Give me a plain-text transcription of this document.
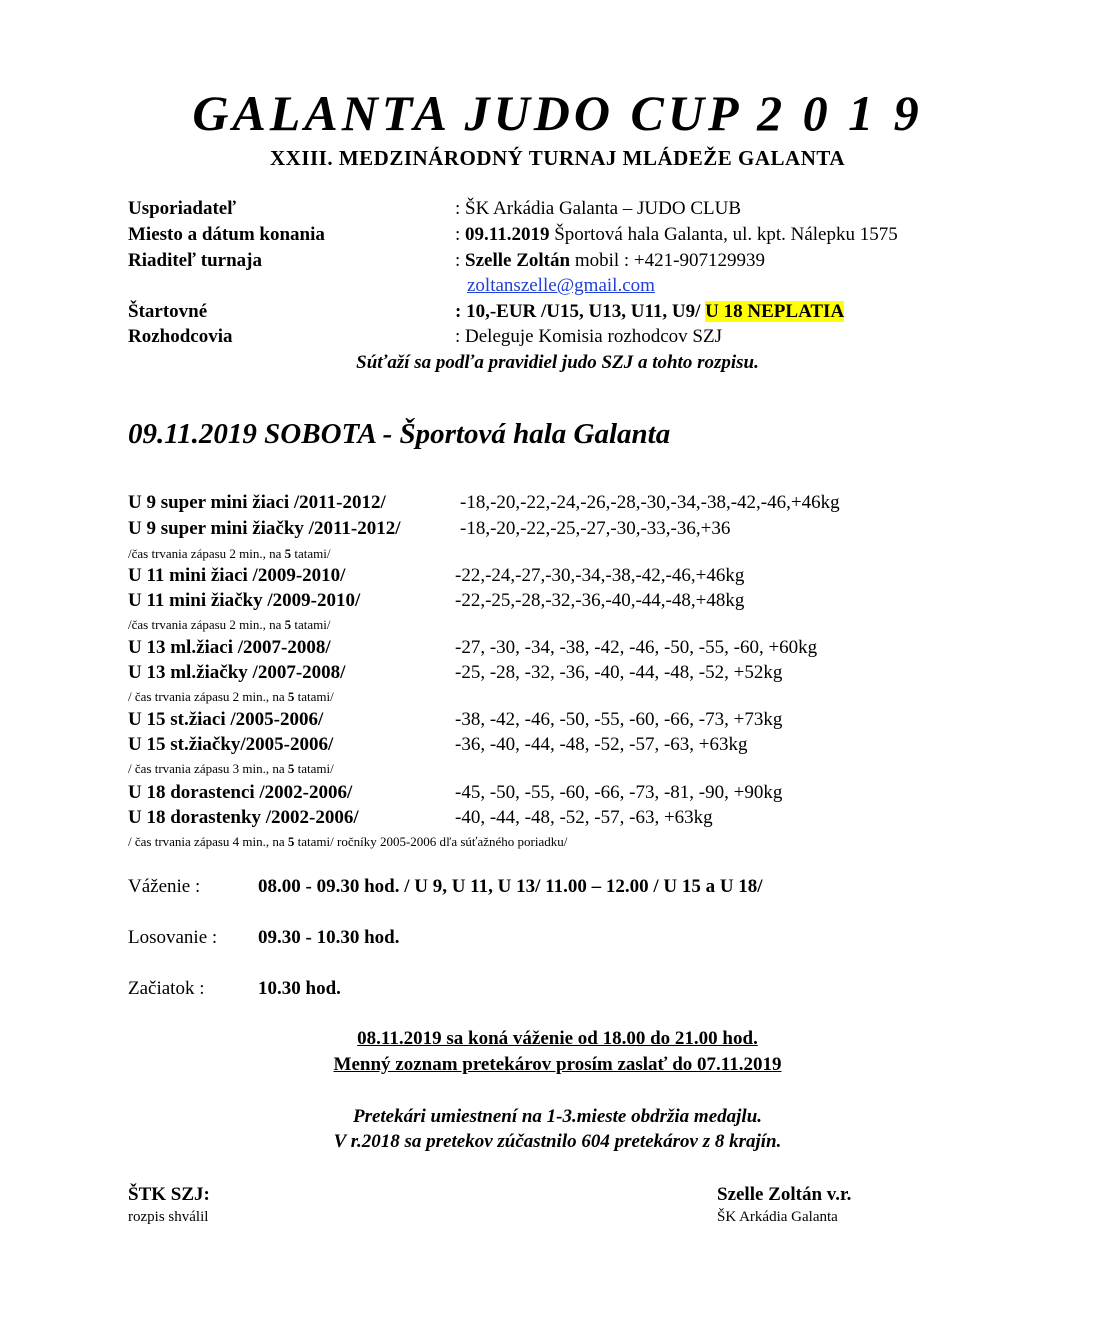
GALANTA JUDO CUP 2 0 1 9
XXIII. MEDZINÁRODNÝ TURNAJ MLÁDEŽE GALANTA
Usporiadateľ	: ŠK Arkádia Galanta – JUDO CLUB
Miesto a dátum konania	: 09.11.2019 Športová hala Galanta, ul. kpt. Nálepku 1575
Riaditeľ turnaja	: Szelle Zoltán mobil : +421-907129939
zoltanszelle@gmail.com
Štartovné	: 10,-EUR /U15, U13, U11, U9/ U 18 NEPLATIA
Rozhodcovia	: Deleguje Komisia rozhodcov SZJ
Súťaží sa podľa pravidiel judo SZJ a tohto rozpisu.
09.11.2019 SOBOTA - Športová hala Galanta
U 9 super mini žiaci /2011-2012/	-18,-20,-22,-24,-26,-28,-30,-34,-38,-42,-46,+46kg
U 9 super mini žiačky /2011-2012/	-18,-20,-22,-25,-27,-30,-33,-36,+36
/čas trvania zápasu 2 min., na 5 tatami/
U 11 mini žiaci /2009-2010/	-22,-24,-27,-30,-34,-38,-42,-46,+46kg
U 11 mini žiačky /2009-2010/	-22,-25,-28,-32,-36,-40,-44,-48,+48kg
/čas trvania zápasu 2 min., na 5 tatami/
U 13 ml.žiaci /2007-2008/	-27, -30, -34, -38, -42, -46, -50, -55, -60, +60kg
U 13 ml.žiačky /2007-2008/	-25, -28, -32, -36, -40, -44, -48, -52, +52kg
/ čas trvania zápasu 2 min., na 5 tatami/
U 15 st.žiaci /2005-2006/	-38, -42, -46, -50, -55, -60, -66, -73, +73kg
U 15 st.žiačky/2005-2006/	-36, -40, -44, -48, -52, -57, -63, +63kg
/ čas trvania zápasu 3 min., na 5 tatami/
U 18 dorastenci /2002-2006/	-45, -50, -55, -60, -66, -73, -81, -90, +90kg
U 18 dorastenky /2002-2006/	-40, -44, -48, -52, -57, -63, +63kg
/ čas trvania zápasu 4 min., na 5 tatami/ ročníky 2005-2006 dľa súťažného poriadku/
Váženie :	08.00 - 09.30 hod. / U 9, U 11, U 13/ 11.00 – 12.00 / U 15 a U 18/
Losovanie : 09.30 - 10.30 hod.
Začiatok :	10.30 hod.
08.11.2019 sa koná váženie od 18.00 do 21.00 hod.
Menný zoznam pretekárov prosím zaslať do 07.11.2019
Pretekári umiestnení na 1-3.mieste obdržia medajlu.
V r.2018 sa pretekov zúčastnilo 604 pretekárov z 8 krajín.
ŠTK SZJ:
rozpis shválil
Szelle Zoltán v.r.
ŠK Arkádia Galanta
